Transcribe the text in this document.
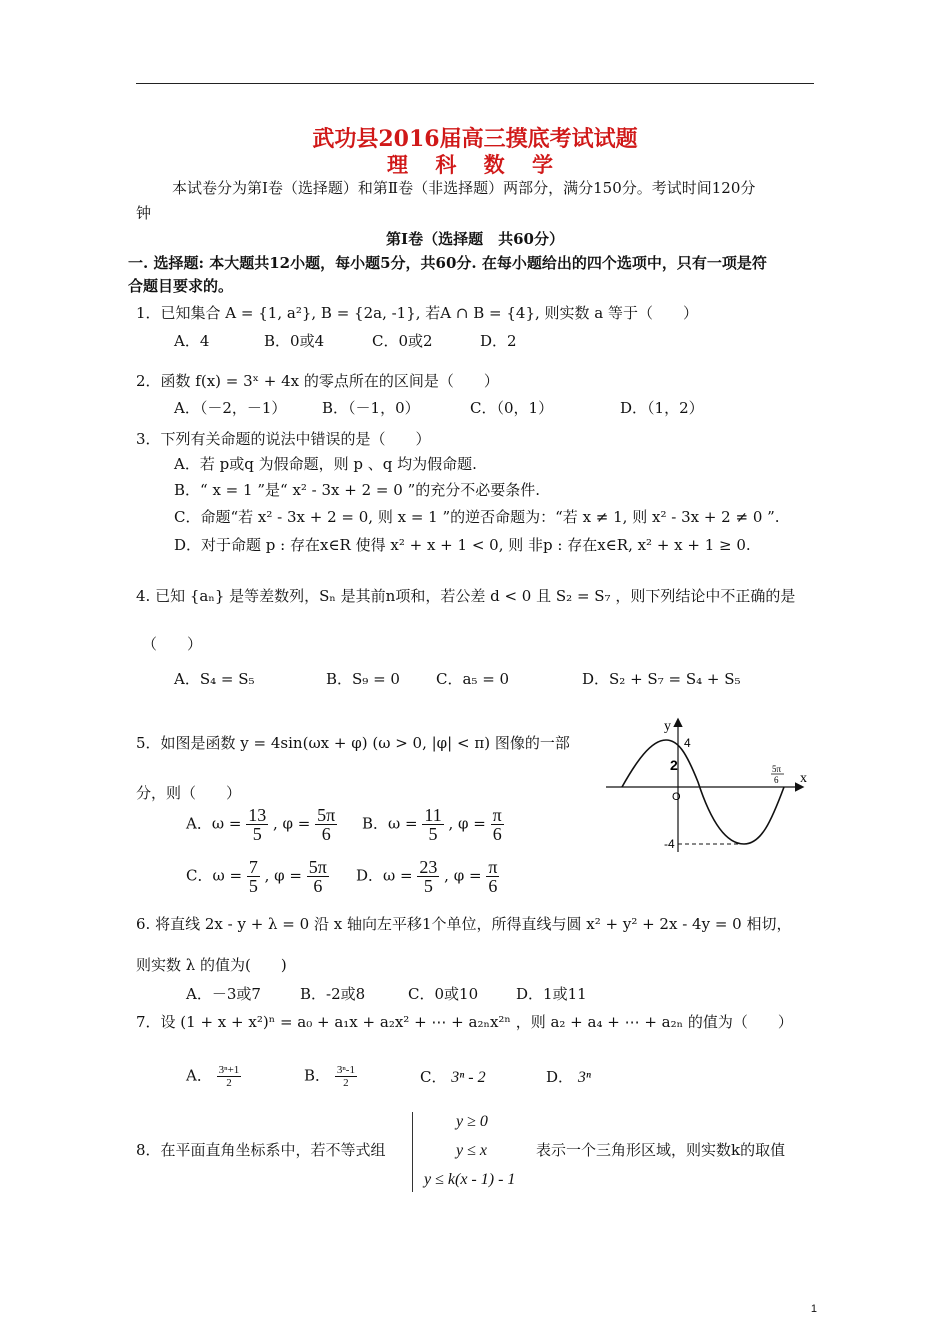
武功县2016届高三摸底考试试题
理 科 数 学
本试卷分为第Ⅰ卷（选择题）和第Ⅱ卷（非选择题）两部分，满分150分。考试时间120分
钟
第Ⅰ卷（选择题　共60分）
一. 选择题: 本大题共12小题，每小题5分，共60分. 在每小题给出的四个选项中，只有一项是符
合题目要求的。
1．已知集合 A = {1, a²}, B = {2a, -1}, 若A ∩ B = {4}, 则实数 a 等于（　　）
A．4	B．0或4	C．0或2	D．2
2．函数 f(x) = 3ˣ + 4x 的零点所在的区间是（　　）
A．（－2，－1） B．（－1，0）	C．（0，1）	D．（1，2）
3．下列有关命题的说法中错误的是（　　）
A．若 p或q 为假命题，则 p 、q 均为假命题.
B．“ x = 1 ”是“ x² - 3x + 2 = 0 ”的充分不必要条件.
C．命题“若 x² - 3x + 2 = 0, 则 x = 1 ”的逆否命题为：“若 x ≠ 1, 则 x² - 3x + 2 ≠ 0 ”.
D．对于命题 p : 存在x∈R 使得 x² + x + 1 < 0, 则 非p : 存在x∈R, x² + x + 1 ≥ 0.
4. 已知 {aₙ} 是等差数列，Sₙ 是其前n项和，若公差 d < 0 且 S₂ = S₇ ，则下列结论中不正确的是
（　　）
A．S₄ = S₅	B．S₉ = 0 C．a₅ = 0	D．S₂ + S₇ = S₄ + S₅
5．如图是函数 y = 4sin(ωx + φ) (ω > 0, |φ| < π) 图像的一部
分，则（　　）
A．$\omega = \frac{13}{5}$ , $\varphi = \frac{5\pi}{6}$ B．$\omega = \frac{11}{5}$ , $\varphi = \frac{\pi}{6}$
C．$\omega = \frac{7}{5}$ , $\varphi = \frac{5\pi}{6}$ D．$\omega = \frac{23}{5}$ , $\varphi = \frac{\pi}{6}$
y
x
4
2
O
-4
5π
6
6. 将直线 2x - y + λ = 0 沿 x 轴向左平移1个单位，所得直线与圆 x² + y² + 2x - 4y = 0 相切，
则实数 λ 的值为(　　)
A．－3或7	B．-2或8	C．0或10	D．1或11
7．设 (1 + x + x²)ⁿ = a₀ + a₁x + a₂x² + ⋯ + a₂ₙx²ⁿ ，则 a₂ + a₄ + ⋯ + a₂ₙ 的值为（　　）
A． $\frac{\text{3ⁿ+1}}{2}$	B． $\frac{\text{3ⁿ-1}}{2}$	C． 3ⁿ - 2	D． 3ⁿ
8．在平面直角坐标系中，若不等式组
y ≥ 0
y ≤ x
y ≤ k(x - 1) - 1
表示一个三角形区域，则实数k的取值
1
